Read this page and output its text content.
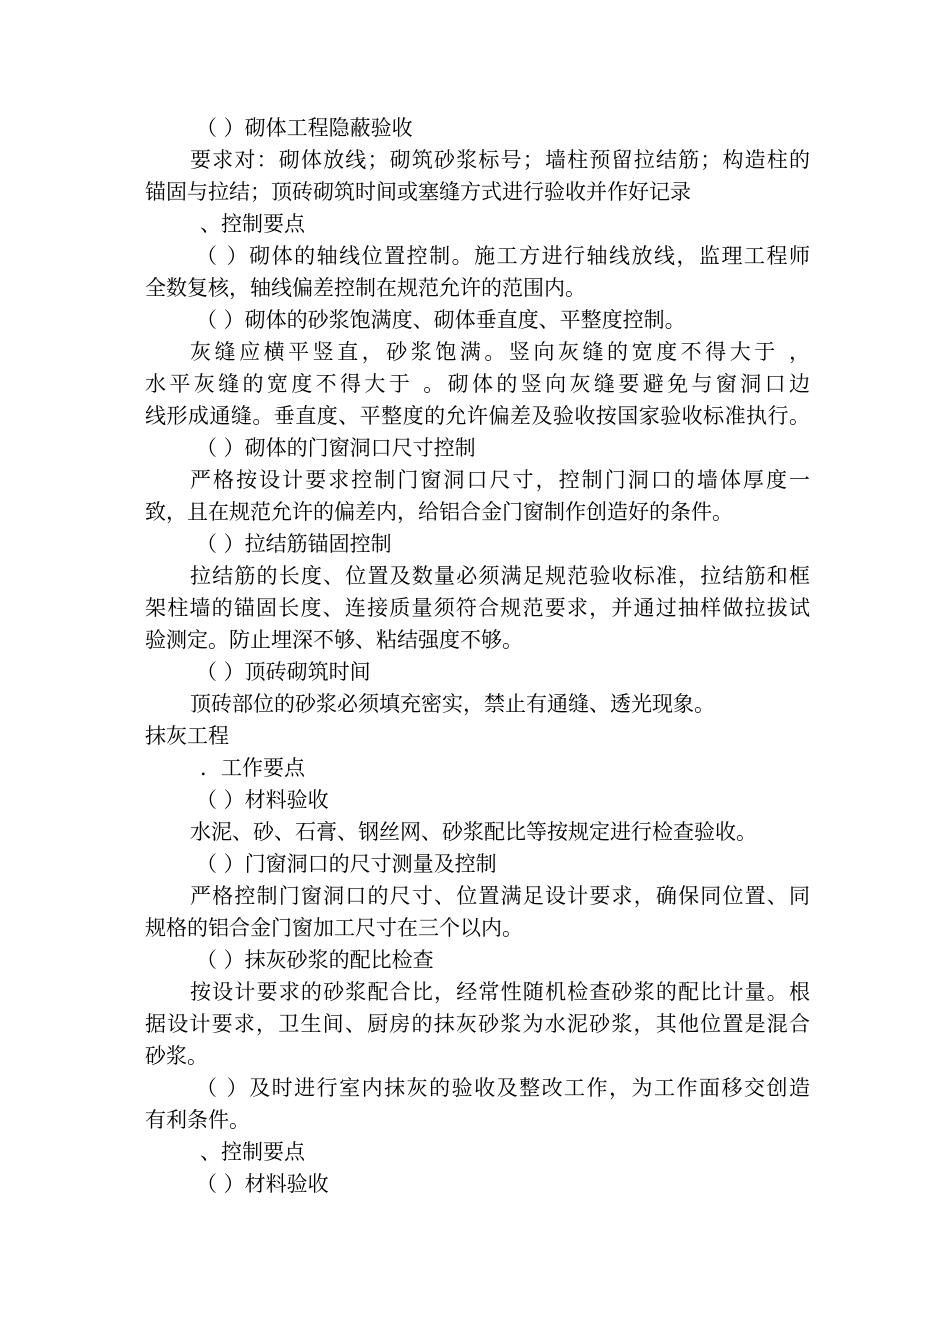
（ ）砌体工程隐蔽验收
要求对：砌体放线；砌筑砂浆标号；墙柱预留拉结筋；构造柱的
锚固与拉结；顶砖砌筑时间或塞缝方式进行验收并作好记录
、控制要点
（ ）砌体的轴线位置控制。施工方进行轴线放线，监理工程师
全数复核，轴线偏差控制在规范允许的范围内。
（ ）砌体的砂浆饱满度、砌体垂直度、平整度控制。
灰缝应横平竖直，砂浆饱满。竖向灰缝的宽度不得大于 ，
水平灰缝的宽度不得大于 。砌体的竖向灰缝要避免与窗洞口边
线形成通缝。垂直度、平整度的允许偏差及验收按国家验收标准执行。
（ ）砌体的门窗洞口尺寸控制
严格按设计要求控制门窗洞口尺寸，控制门洞口的墙体厚度一
致，且在规范允许的偏差内，给铝合金门窗制作创造好的条件。
（ ）拉结筋锚固控制
拉结筋的长度、位置及数量必须满足规范验收标准，拉结筋和框
架柱墙的锚固长度、连接质量须符合规范要求，并通过抽样做拉拔试
验测定。防止埋深不够、粘结强度不够。
（ ）顶砖砌筑时间
顶砖部位的砂浆必须填充密实，禁止有通缝、透光现象。
抹灰工程
．工作要点
（ ）材料验收
水泥、砂、石膏、钢丝网、砂浆配比等按规定进行检查验收。
（ ）门窗洞口的尺寸测量及控制
严格控制门窗洞口的尺寸、位置满足设计要求，确保同位置、同
规格的铝合金门窗加工尺寸在三个以内。
（ ）抹灰砂浆的配比检查
按设计要求的砂浆配合比，经常性随机检查砂浆的配比计量。根
据设计要求，卫生间、厨房的抹灰砂浆为水泥砂浆，其他位置是混合
砂浆。
（ ）及时进行室内抹灰的验收及整改工作，为工作面移交创造
有利条件。
、控制要点
（ ）材料验收
